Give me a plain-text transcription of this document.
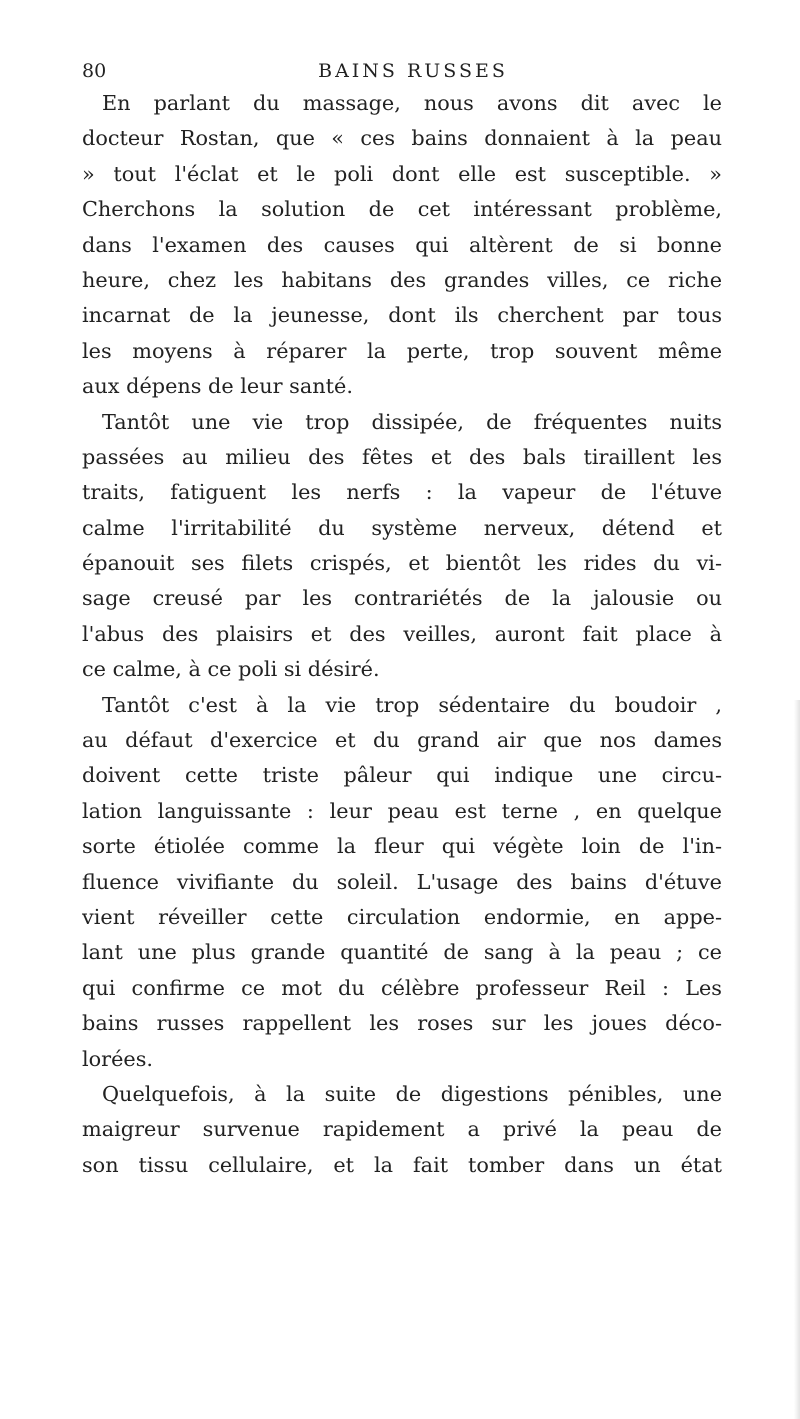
80	BAINS RUSSES
En parlant du massage, nous avons dit avec le
docteur Rostan, que « ces bains donnaient à la peau
» tout l'éclat et le poli dont elle est susceptible. »
Cherchons la solution de cet intéressant problème,
dans l'examen des causes qui altèrent de si bonne
heure, chez les habitans des grandes villes, ce riche
incarnat de la jeunesse, dont ils cherchent par tous
les moyens à réparer la perte, trop souvent même
aux dépens de leur santé.
Tantôt une vie trop dissipée, de fréquentes nuits
passées au milieu des fêtes et des bals tiraillent les
traits, fatiguent les nerfs : la vapeur de l'étuve
calme l'irritabilité du système nerveux, détend et
épanouit ses filets crispés, et bientôt les rides du vi-
sage creusé par les contrariétés de la jalousie ou
l'abus des plaisirs et des veilles, auront fait place à
ce calme, à ce poli si désiré.
Tantôt c'est à la vie trop sédentaire du boudoir ,
au défaut d'exercice et du grand air que nos dames
doivent cette triste pâleur qui indique une circu-
lation languissante : leur peau est terne , en quelque
sorte étiolée comme la fleur qui végète loin de l'in-
fluence vivifiante du soleil. L'usage des bains d'étuve
vient réveiller cette circulation endormie, en appe-
lant une plus grande quantité de sang à la peau ; ce
qui confirme ce mot du célèbre professeur Reil : Les
bains russes rappellent les roses sur les joues déco-
lorées.
Quelquefois, à la suite de digestions pénibles, une
maigreur survenue rapidement a privé la peau de
son tissu cellulaire, et la fait tomber dans un état
